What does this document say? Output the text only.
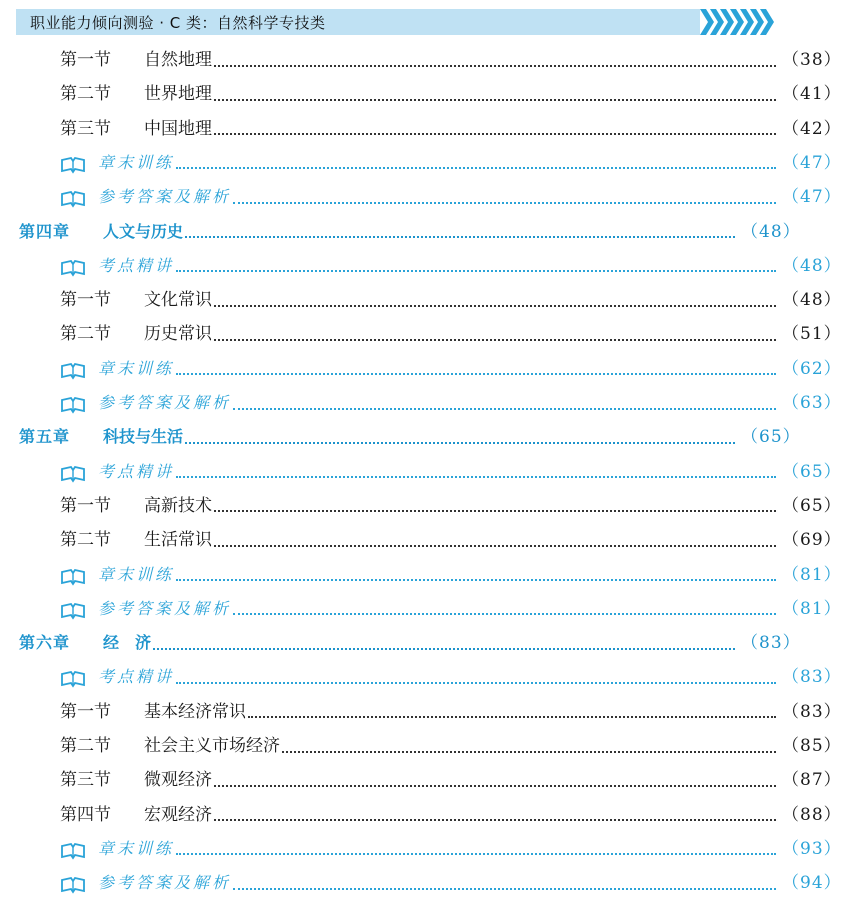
职业能力倾向测验 · C 类：自然科学专技类
第一节	自然地理	（38）
第二节	世界地理	（41）
第三节	中国地理	（42）
章末训练	（47）
参考答案及解析	（47）
第四章	人文与历史	（48）
考点精讲	（48）
第一节	文化常识	（48）
第二节	历史常识	（51）
章末训练	（62）
参考答案及解析	（63）
第五章	科技与生活	（65）
考点精讲	（65）
第一节	高新技术	（65）
第二节	生活常识	（69）
章末训练	（81）
参考答案及解析	（81）
第六章	经　济	（83）
考点精讲	（83）
第一节	基本经济常识	（83）
第二节	社会主义市场经济	（85）
第三节	微观经济	（87）
第四节	宏观经济	（88）
章末训练	（93）
参考答案及解析	（94）
